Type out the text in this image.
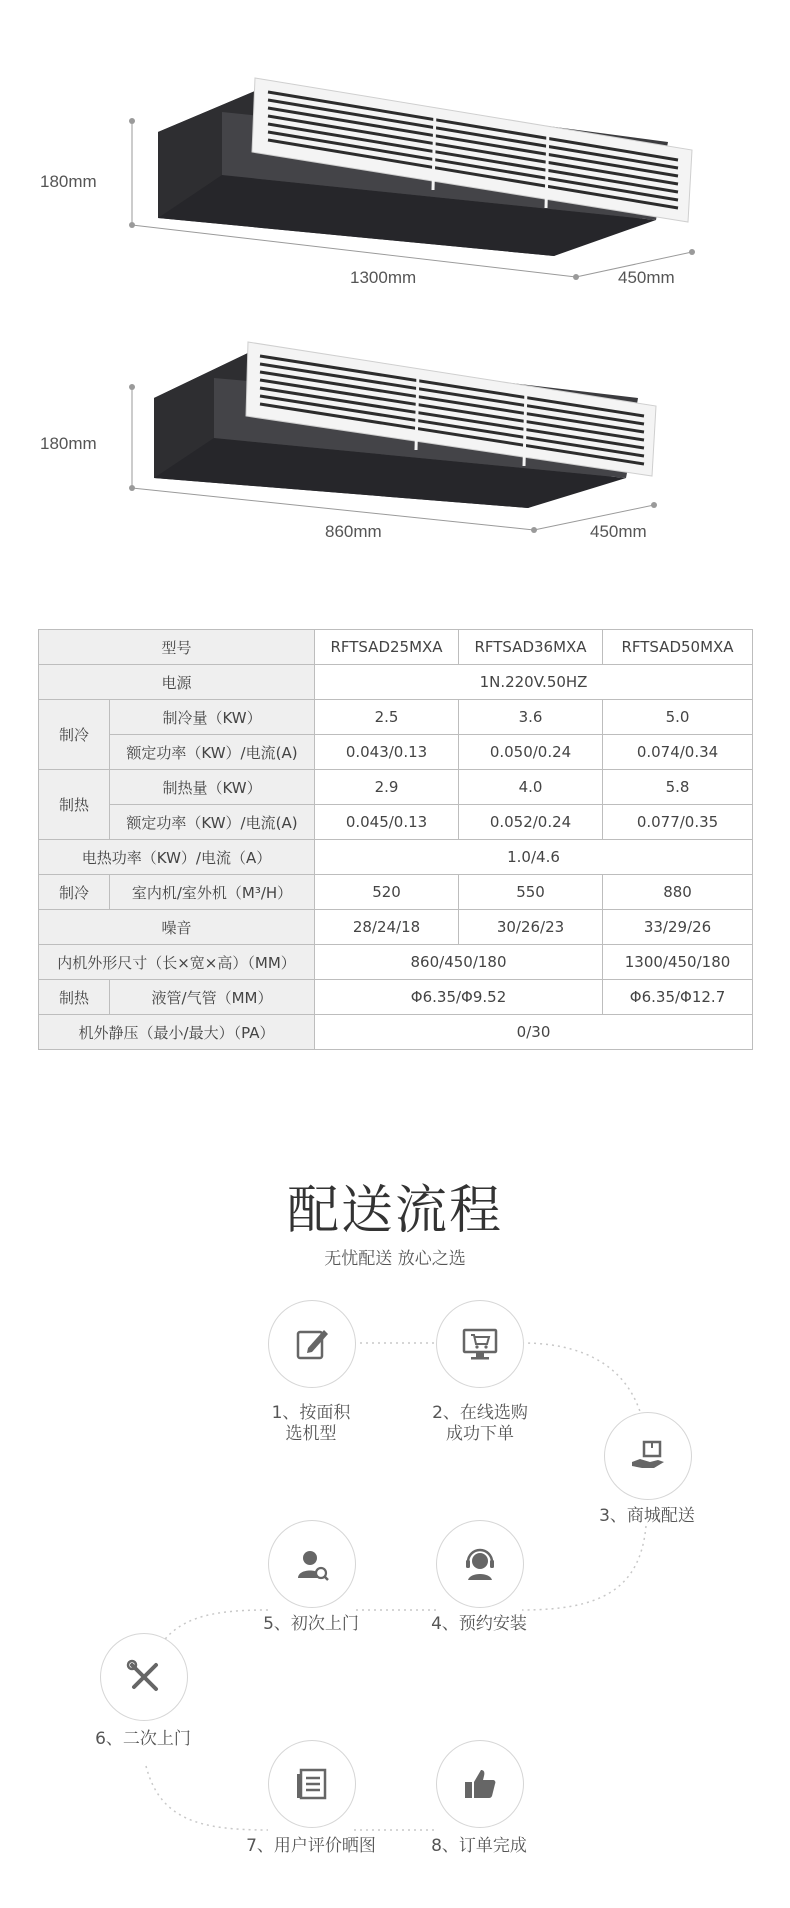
180mm
1300mm	450mm
180mm
860mm	450mm
型号		RFTSAD25MXA	RFTSAD36MXA	RFTSAD50MXA
电源		1N.220V.50HZ		
制冷	制冷量（KW）	2.5	3.6	5.0
	额定功率（KW）/电流(A)	0.043/0.13	0.050/0.24	0.074/0.34
制热	制热量（KW）	2.9	4.0	5.8
	额定功率（KW）/电流(A)	0.045/0.13	0.052/0.24	0.077/0.35
电热功率（KW）/电流（A）		1.0/4.6		
制冷	室内机/室外机（M³/H）	520	550	880
噪音		28/24/18	30/26/23	33/29/26
内机外形尺寸（长×宽×高）（MM）		860/450/180		1300/450/180
制热	液管/气管（MM）	Φ6.35/Φ9.52		Φ6.35/Φ12.7
机外静压（最小/最大）（PA）		0/30		
配送流程
无忧配送 放心之选
1、按面积
选机型
2、在线选购
成功下单
3、商城配送
4、预约安装
5、初次上门
6、二次上门
7、用户评价晒图	8、订单完成
